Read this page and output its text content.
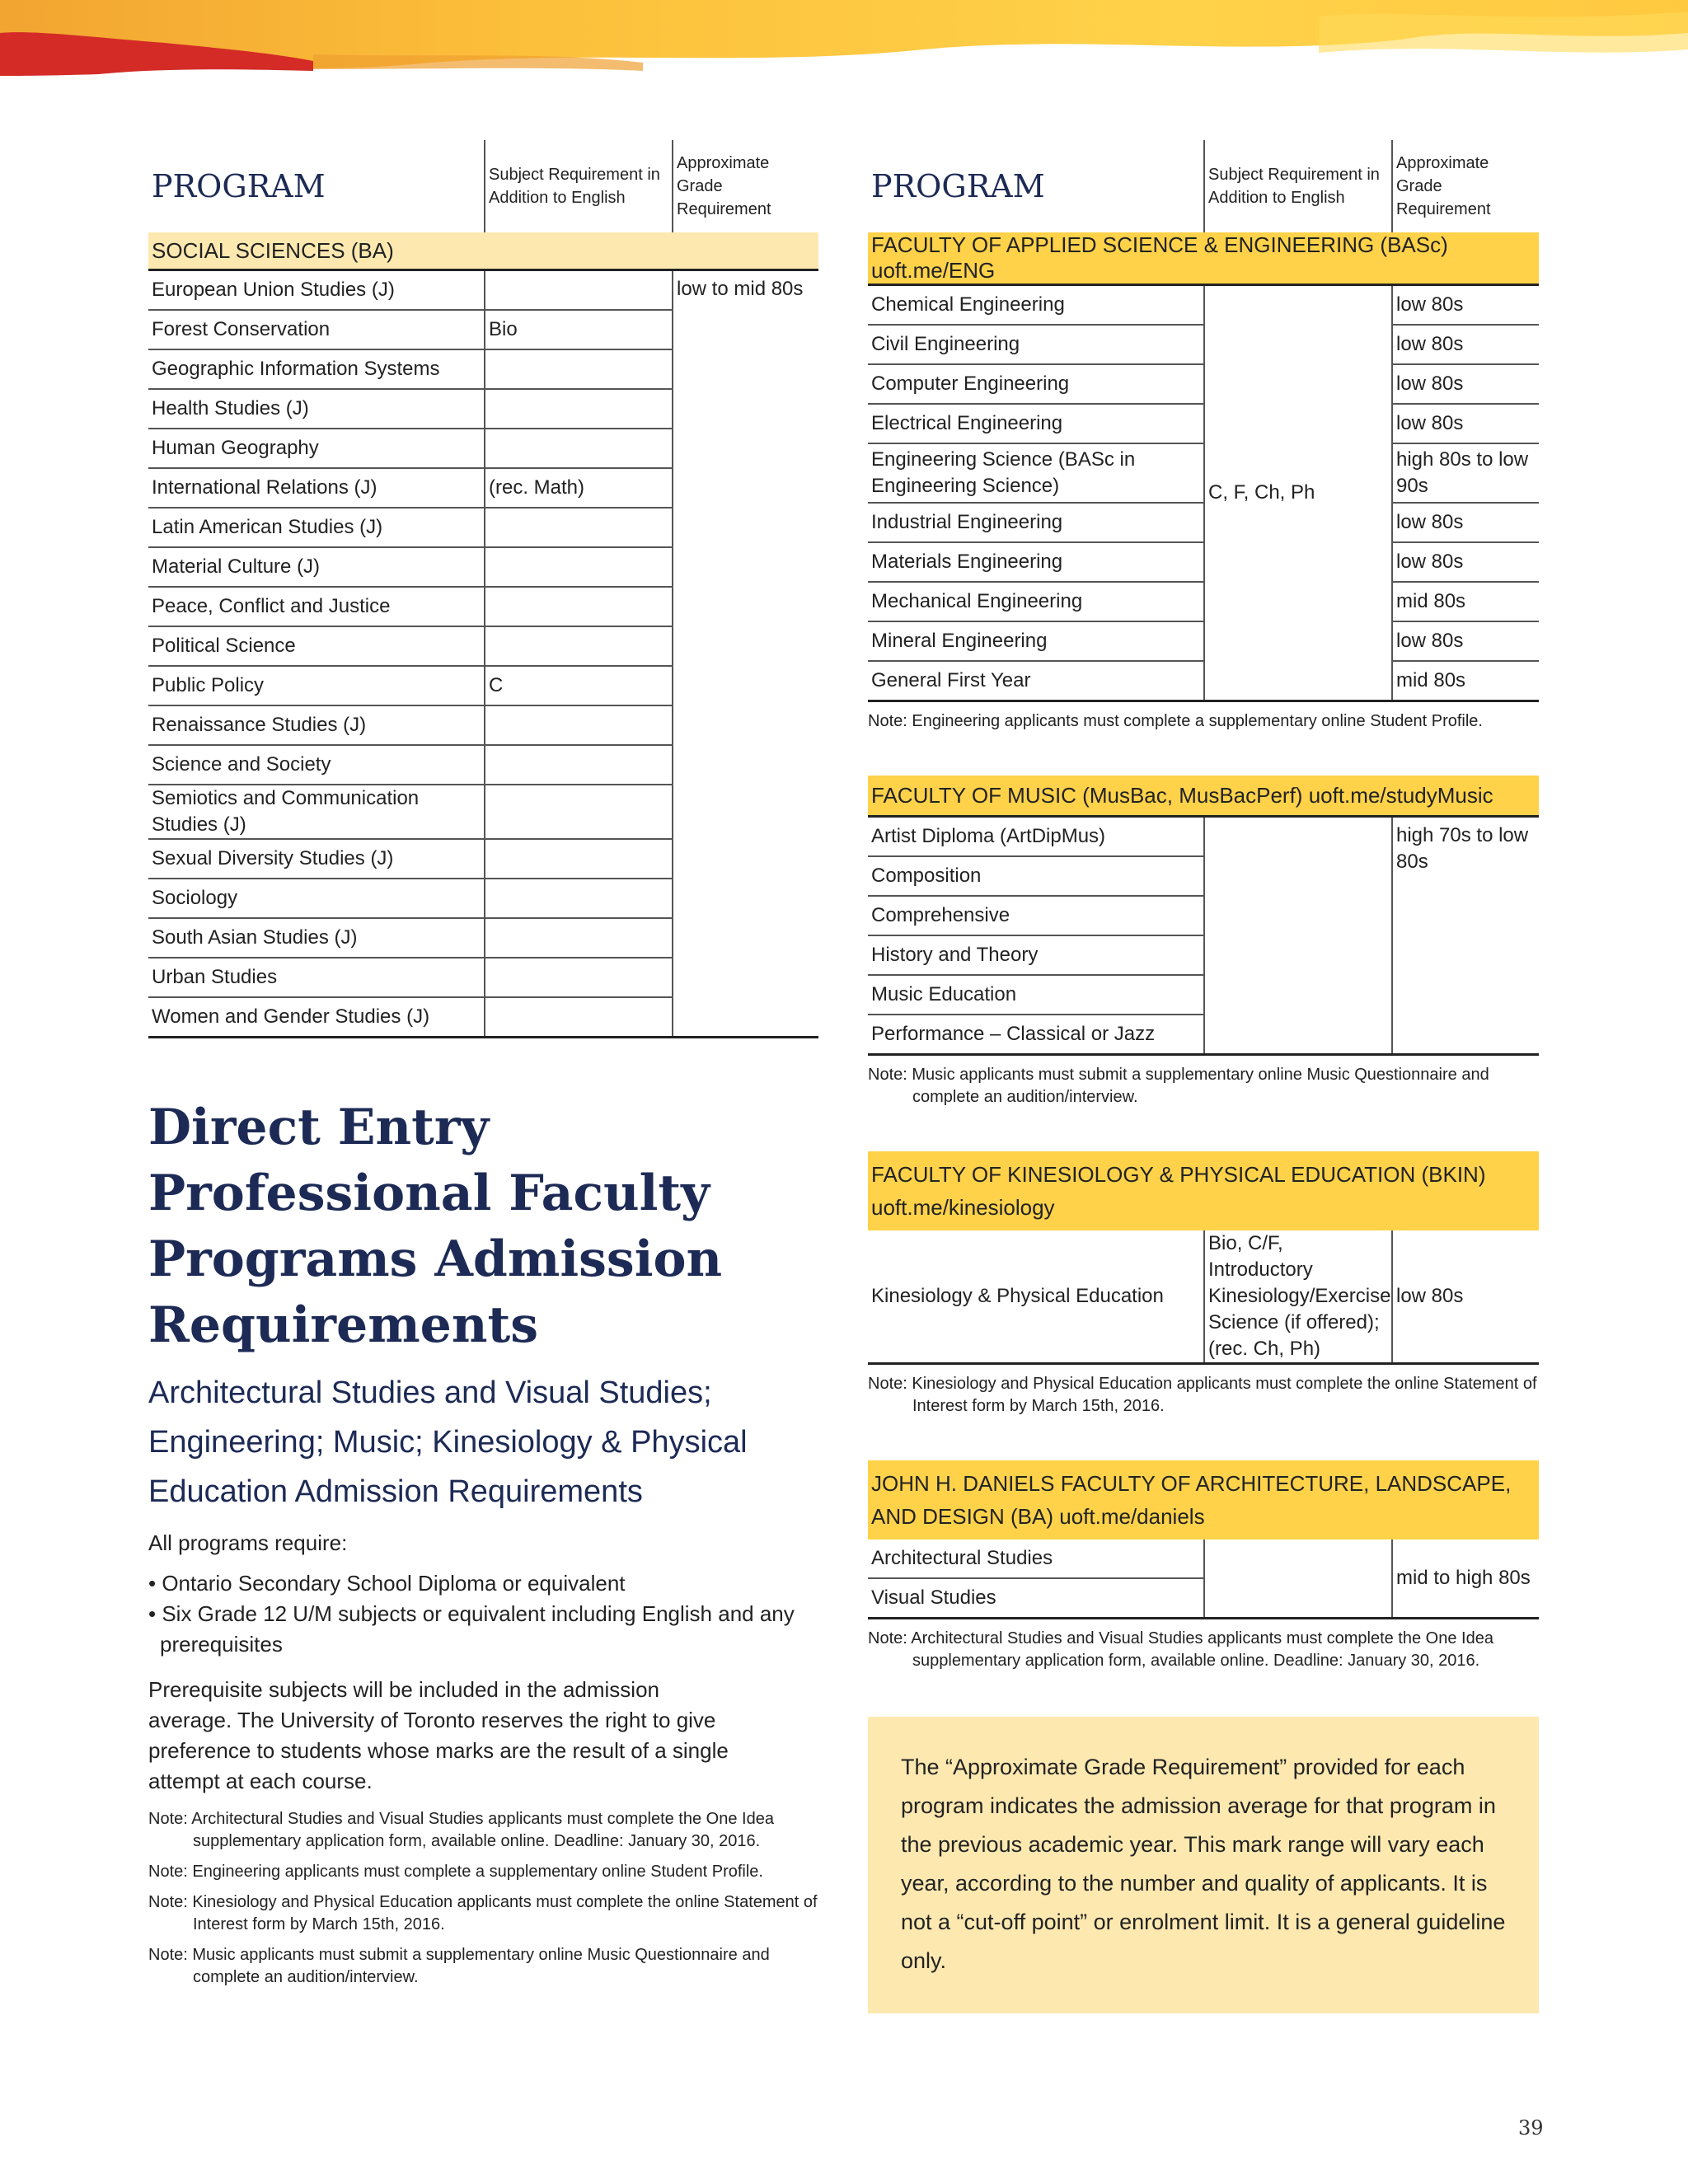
PROGRAM	Subject Requirement in Addition to English	Approximate Grade Requirement
SOCIAL SCIENCES (BA)		
European Union Studies (J)		low to mid 80s
Forest Conservation	Bio	
Geographic Information Systems		
Health Studies (J)		
Human Geography		
International Relations (J)	(rec. Math)	
Latin American Studies (J)		
Material Culture (J)		
Peace, Conflict and Justice		
Political Science		
Public Policy	C	
Renaissance Studies (J)		
Science and Society		
Semiotics and Communication Studies (J)		
Sexual Diversity Studies (J)		
Sociology		
South Asian Studies (J)		
Urban Studies		
Women and Gender Studies (J)		
Direct Entry Professional Faculty Programs Admission Requirements
Architectural Studies and Visual Studies; Engineering; Music; Kinesiology & Physical Education Admission Requirements

All programs require:

• Ontario Secondary School Diploma or equivalent
• Six Grade 12 U/M subjects or equivalent including English and any prerequisites

Prerequisite subjects will be included in the admission average. The University of Toronto reserves the right to give preference to students whose marks are the result of a single attempt at each course.

Note: Architectural Studies and Visual Studies applicants must complete the One Idea supplementary application form, available online. Deadline: January 30, 2016.

Note: Engineering applicants must complete a supplementary online Student Profile.

Note: Kinesiology and Physical Education applicants must complete the online Statement of Interest form by March 15th, 2016.

Note: Music applicants must submit a supplementary online Music Questionnaire and complete an audition/interview.

PROGRAM	Subject Requirement in Addition to English	Approximate Grade Requirement
FACULTY OF APPLIED SCIENCE & ENGINEERING (BASc) uoft.me/ENG		
Chemical Engineering	C, F, Ch, Ph	low 80s
Civil Engineering		low 80s
Computer Engineering		low 80s
Electrical Engineering		low 80s
Engineering Science (BASc in Engineering Science)		high 80s to low 90s
Industrial Engineering		low 80s
Materials Engineering		low 80s
Mechanical Engineering		mid 80s
Mineral Engineering		low 80s
General First Year		mid 80s

Note: Engineering applicants must complete a supplementary online Student Profile.

FACULTY OF MUSIC (MusBac, MusBacPerf) uoft.me/studyMusic
Artist Diploma (ArtDipMus)		high 70s to low 80s
Composition
Comprehensive
History and Theory
Music Education
Performance – Classical or Jazz

Note: Music applicants must submit a supplementary online Music Questionnaire and complete an audition/interview.

FACULTY OF KINESIOLOGY & PHYSICAL EDUCATION (BKIN) uoft.me/kinesiology
Kinesiology & Physical Education	Bio, C/F, Introductory Kinesiology/Exercise Science (if offered); (rec. Ch, Ph)	low 80s

Note: Kinesiology and Physical Education applicants must complete the online Statement of Interest form by March 15th, 2016.

JOHN H. DANIELS FACULTY OF ARCHITECTURE, LANDSCAPE, AND DESIGN (BA) uoft.me/daniels
Architectural Studies		mid to high 80s
Visual Studies

Note: Architectural Studies and Visual Studies applicants must complete the One Idea supplementary application form, available online. Deadline: January 30, 2016.

The “Approximate Grade Requirement” provided for each program indicates the admission average for that program in the previous academic year. This mark range will vary each year, according to the number and quality of applicants. It is not a “cut-off point” or enrolment limit. It is a general guideline only.
39
